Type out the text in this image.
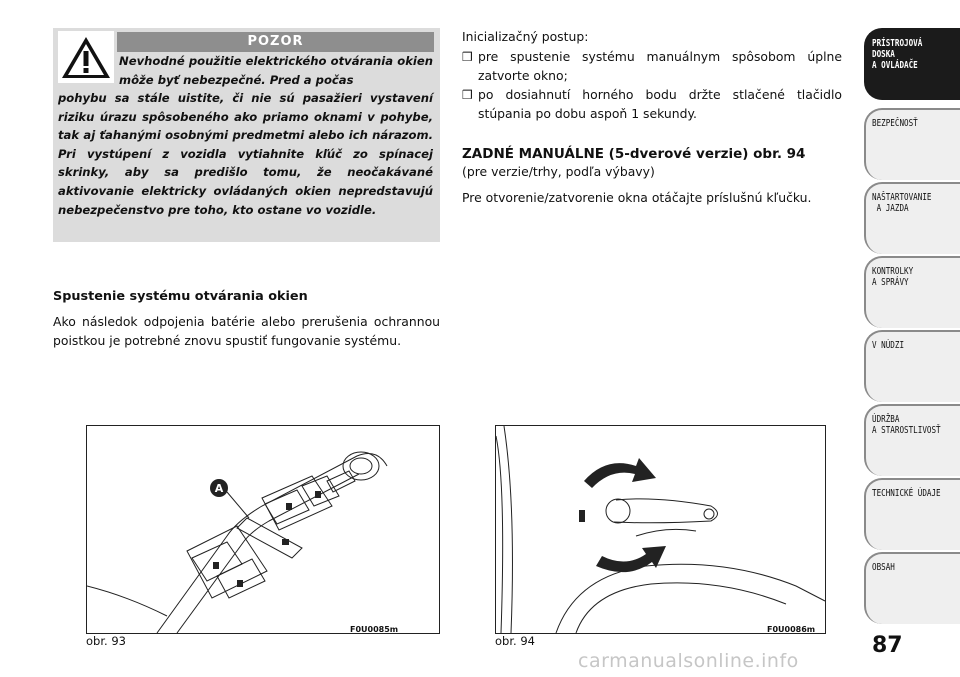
POZOR

Nevhodné použitie elektrického otvárania okien môže byť nebezpečné. Pred a počas

pohybu sa stále uistite, či nie sú pasažieri vystavení riziku úrazu spôsobeného ako priamo oknami v pohybe, tak aj ťahanými osobnými predmetmi alebo ich nárazom. Pri vystúpení z vozidla vytiahnite kľúč zo spínacej skrinky, aby sa predišlo tomu, že neočakávané aktivovanie elektricky ovládaných okien nepredstavujú nebezpečenstvo pre toho, kto ostane vo vozidle.

Spustenie systému otvárania okien

Ako následok odpojenia batérie alebo prerušenia ochrannou poistkou je potrebné znovu spustiť fungovanie systému.

Inicializačný postup:

❒ pre spustenie systému manuálnym spôsobom úplne zatvorte okno;
❒ po dosiahnutí horného bodu držte stlačené tlačidlo stúpania po dobu aspoň 1 sekundy.
ZADNÉ MANUÁLNE (5-dverové verzie) obr. 94

(pre verzie/trhy, podľa výbavy)

Pre otvorenie/zatvorenie okna otáčajte príslušnú kľučku.

A
obr. 93
F0U0085m
obr. 94
F0U0086m
PRÍSTROJOVÁ
DOSKA
A OVLÁDAČE
BEZPEČNOSŤ
NAŠTARTOVANIE
A JAZDA
KONTROLKY
A SPRÁVY
V NÚDZI
ÚDRŽBA
A STAROSTLIVOSŤ
TECHNICKÉ ÚDAJE
OBSAH
87
carmanualsonline.info
